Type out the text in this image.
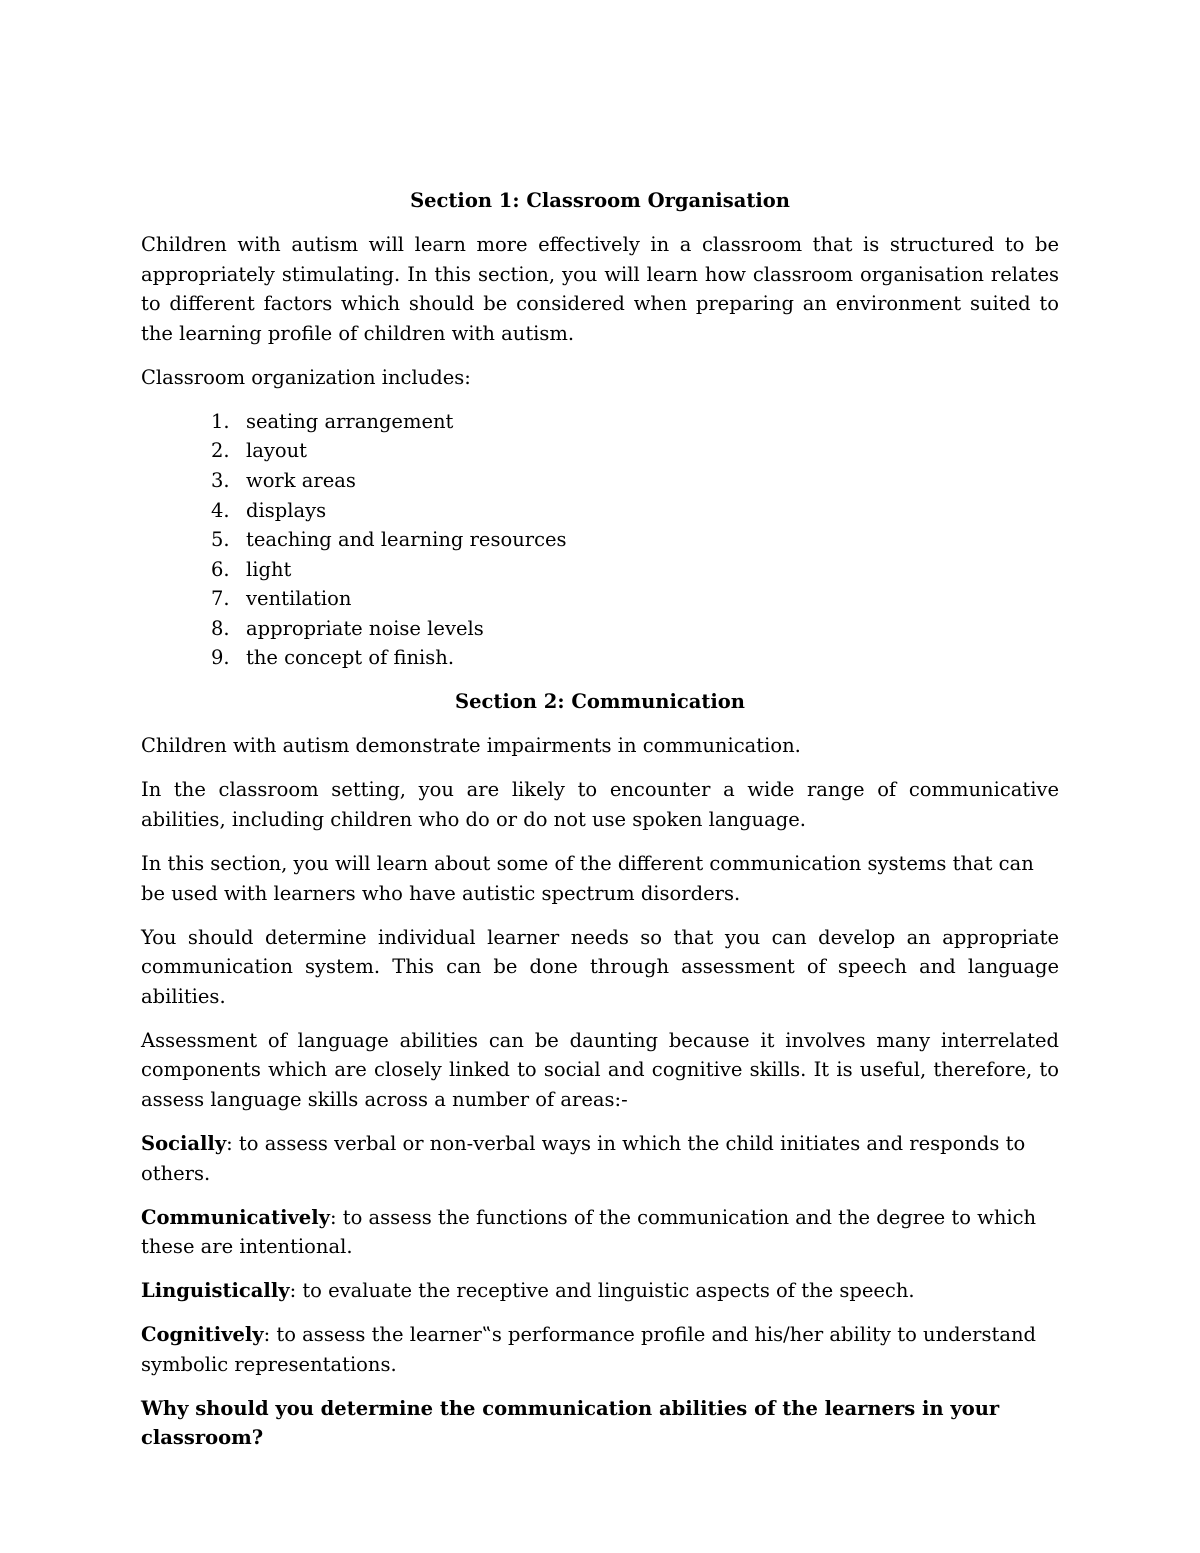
Section 1: Classroom Organisation

Children with autism will learn more effectively in a classroom that is structured to be appropriately stimulating. In this section, you will learn how classroom organisation relates to different factors which should be considered when preparing an environment suited to the learning profile of children with autism.

Classroom organization includes:

1. seating arrangement
2. layout
3. work areas
4. displays
5. teaching and learning resources
6. light
7. ventilation
8. appropriate noise levels
9. the concept of finish.

Section 2: Communication

Children with autism demonstrate impairments in communication.

In the classroom setting, you are likely to encounter a wide range of communicative abilities, including children who do or do not use spoken language.

In this section, you will learn about some of the different communication systems that can be used with learners who have autistic spectrum disorders.

You should determine individual learner needs so that you can develop an appropriate communication system. This can be done through assessment of speech and language abilities.

Assessment of language abilities can be daunting because it involves many interrelated components which are closely linked to social and cognitive skills. It is useful, therefore, to assess language skills across a number of areas:-

Socially: to assess verbal or non-verbal ways in which the child initiates and responds to others.

Communicatively: to assess the functions of the communication and the degree to which these are intentional.

Linguistically: to evaluate the receptive and linguistic aspects of the speech.

Cognitively: to assess the learner‟s performance profile and his/her ability to understand symbolic representations.

Why should you determine the communication abilities of the learners in your classroom?
